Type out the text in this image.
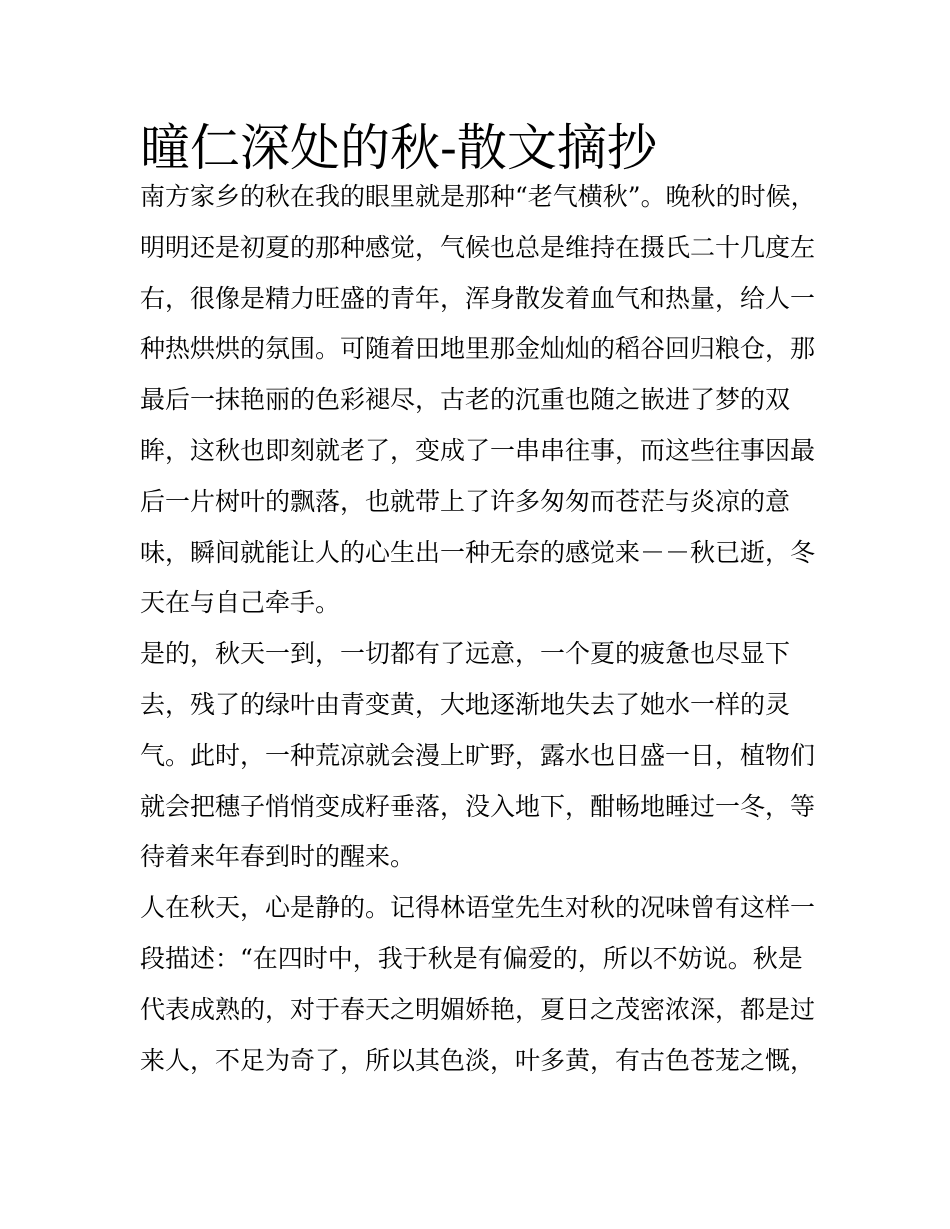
曈仁深处的秋-散文摘抄
南方家乡的秋在我的眼里就是那种“老气横秋”。晚秋的时候，
明明还是初夏的那种感觉，气候也总是维持在摄氏二十几度左
右，很像是精力旺盛的青年，浑身散发着血气和热量，给人一
种热烘烘的氛围。可随着田地里那金灿灿的稻谷回归粮仓，那
最后一抹艳丽的色彩褪尽，古老的沉重也随之嵌进了梦的双
眸，这秋也即刻就老了，变成了一串串往事，而这些往事因最
后一片树叶的飘落，也就带上了许多匆匆而苍茫与炎凉的意
味，瞬间就能让人的心生出一种无奈的感觉来－－秋已逝，冬
天在与自己牵手。
是的，秋天一到，一切都有了远意，一个夏的疲惫也尽显下
去，残了的绿叶由青变黄，大地逐渐地失去了她水一样的灵
气。此时，一种荒凉就会漫上旷野，露水也日盛一日，植物们
就会把穗子悄悄变成籽垂落，没入地下，酣畅地睡过一冬，等
待着来年春到时的醒来。
人在秋天，心是静的。记得林语堂先生对秋的况味曾有这样一
段描述：“在四时中，我于秋是有偏爱的，所以不妨说。秋是
代表成熟的，对于春天之明媚娇艳，夏日之茂密浓深，都是过
来人，不足为奇了，所以其色淡，叶多黄，有古色苍茏之慨，
